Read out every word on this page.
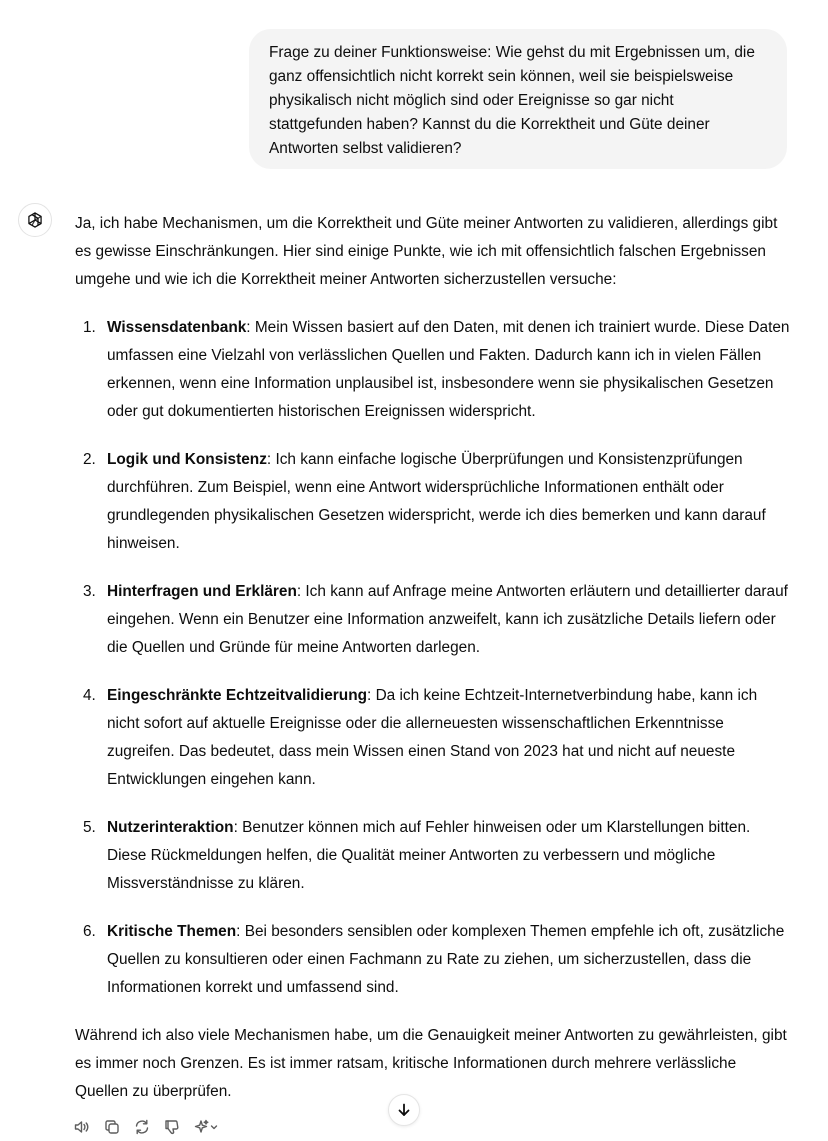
Frage zu deiner Funktionsweise: Wie gehst du mit Ergebnissen um, die ganz offensichtlich nicht korrekt sein können, weil sie beispielsweise physikalisch nicht möglich sind oder Ereignisse so gar nicht stattgefunden haben? Kannst du die Korrektheit und Güte deiner Antworten selbst validieren?

Ja, ich habe Mechanismen, um die Korrektheit und Güte meiner Antworten zu validieren, allerdings gibt es gewisse Einschränkungen. Hier sind einige Punkte, wie ich mit offensichtlich falschen Ergebnissen umgehe und wie ich die Korrektheit meiner Antworten sicherzustellen versuche:

1. Wissensdatenbank: Mein Wissen basiert auf den Daten, mit denen ich trainiert wurde. Diese Daten umfassen eine Vielzahl von verlässlichen Quellen und Fakten. Dadurch kann ich in vielen Fällen erkennen, wenn eine Information unplausibel ist, insbesondere wenn sie physikalischen Gesetzen oder gut dokumentierten historischen Ereignissen widerspricht.
2. Logik und Konsistenz: Ich kann einfache logische Überprüfungen und Konsistenzprüfungen durchführen. Zum Beispiel, wenn eine Antwort widersprüchliche Informationen enthält oder grundlegenden physikalischen Gesetzen widerspricht, werde ich dies bemerken und kann darauf hinweisen.
3. Hinterfragen und Erklären: Ich kann auf Anfrage meine Antworten erläutern und detaillierter darauf eingehen. Wenn ein Benutzer eine Information anzweifelt, kann ich zusätzliche Details liefern oder die Quellen und Gründe für meine Antworten darlegen.
4. Eingeschränkte Echtzeitvalidierung: Da ich keine Echtzeit-Internetverbindung habe, kann ich nicht sofort auf aktuelle Ereignisse oder die allerneuesten wissenschaftlichen Erkenntnisse zugreifen. Das bedeutet, dass mein Wissen einen Stand von 2023 hat und nicht auf neueste Entwicklungen eingehen kann.
5. Nutzerinteraktion: Benutzer können mich auf Fehler hinweisen oder um Klarstellungen bitten. Diese Rückmeldungen helfen, die Qualität meiner Antworten zu verbessern und mögliche Missverständnisse zu klären.
6. Kritische Themen: Bei besonders sensiblen oder komplexen Themen empfehle ich oft, zusätzliche Quellen zu konsultieren oder einen Fachmann zu Rate zu ziehen, um sicherzustellen, dass die Informationen korrekt und umfassend sind.

Während ich also viele Mechanismen habe, um die Genauigkeit meiner Antworten zu gewährleisten, gibt es immer noch Grenzen. Es ist immer ratsam, kritische Informationen durch mehrere verlässliche Quellen zu überprüfen.
